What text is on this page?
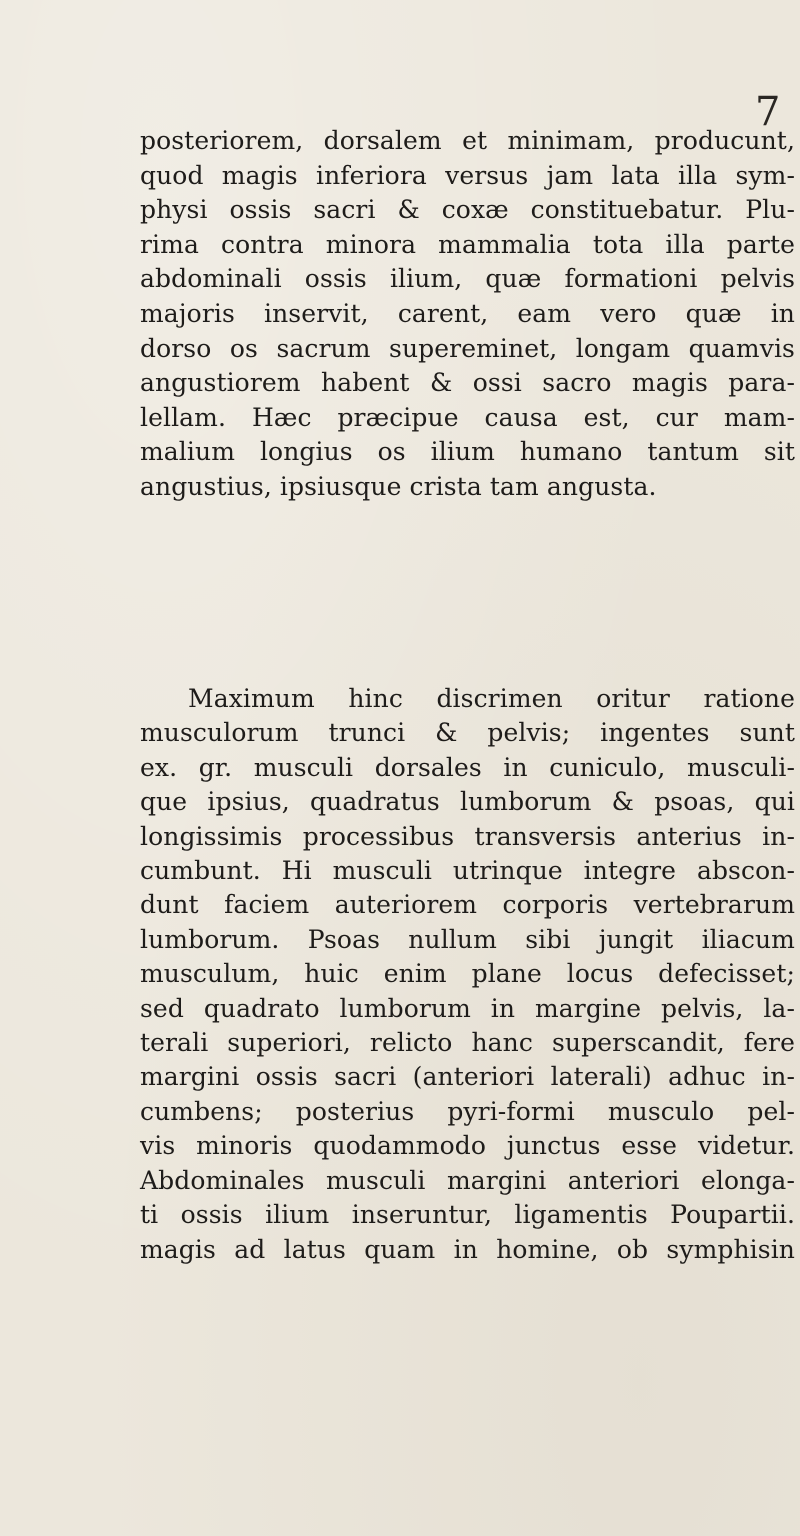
7
posteriorem, dorsalem et minimam, producunt,
quod magis inferiora versus jam lata illa sym-
physi ossis sacri & coxæ constituebatur. Plu-
rima contra minora mammalia tota illa parte
abdominali ossis ilium, quæ formationi pelvis
majoris inservit, carent, eam vero quæ in
dorso os sacrum supereminet, longam quamvis
angustiorem habent & ossi sacro magis para-
lellam. Hæc præcipue causa est, cur mam-
malium longius os ilium humano tantum sit
angustius, ipsiusque crista tam angusta.
Maximum hinc discrimen oritur ratione
musculorum trunci & pelvis; ingentes sunt
ex. gr. musculi dorsales in cuniculo, musculi-
que ipsius, quadratus lumborum & psoas, qui
longissimis processibus transversis anterius in-
cumbunt. Hi musculi utrinque integre abscon-
dunt faciem auteriorem corporis vertebrarum
lumborum. Psoas nullum sibi jungit iliacum
musculum, huic enim plane locus defecisset;
sed quadrato lumborum in margine pelvis, la-
terali superiori, relicto hanc superscandit, fere
margini ossis sacri (anteriori laterali) adhuc in-
cumbens; posterius pyri-formi musculo pel-
vis minoris quodammodo junctus esse videtur.
Abdominales musculi margini anteriori elonga-
ti ossis ilium inseruntur, ligamentis Poupartii.
magis ad latus quam in homine, ob symphisin
